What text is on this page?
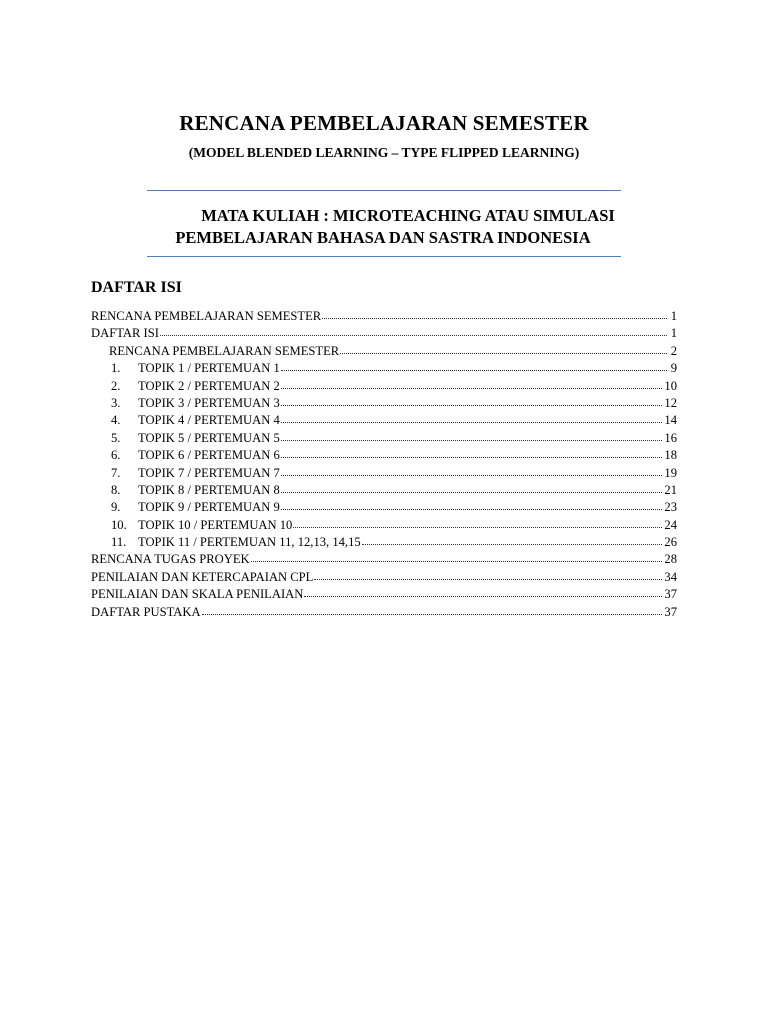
RENCANA PEMBELAJARAN SEMESTER
(MODEL BLENDED LEARNING – TYPE FLIPPED LEARNING)
MATA KULIAH : MICROTEACHING ATAU SIMULASI
PEMBELAJARAN BAHASA DAN SASTRA INDONESIA
DAFTAR ISI
RENCANA PEMBELAJARAN SEMESTER	1
DAFTAR ISI	1
RENCANA PEMBELAJARAN SEMESTER	2
1.	TOPIK 1 / PERTEMUAN 1	9
2.	TOPIK 2 / PERTEMUAN 2	10
3.	TOPIK 3 / PERTEMUAN 3	12
4.	TOPIK 4 / PERTEMUAN 4	14
5.	TOPIK 5 / PERTEMUAN 5	16
6.	TOPIK 6 / PERTEMUAN 6	18
7.	TOPIK 7 / PERTEMUAN 7	19
8.	TOPIK 8 / PERTEMUAN 8	21
9.	TOPIK 9 / PERTEMUAN 9	23
10. TOPIK 10 / PERTEMUAN 10	24
11. TOPIK 11 / PERTEMUAN 11, 12,13, 14,15	26
RENCANA TUGAS PROYEK	28
PENILAIAN DAN KETERCAPAIAN CPL	34
PENILAIAN DAN SKALA PENILAIAN	37
DAFTAR PUSTAKA	37
